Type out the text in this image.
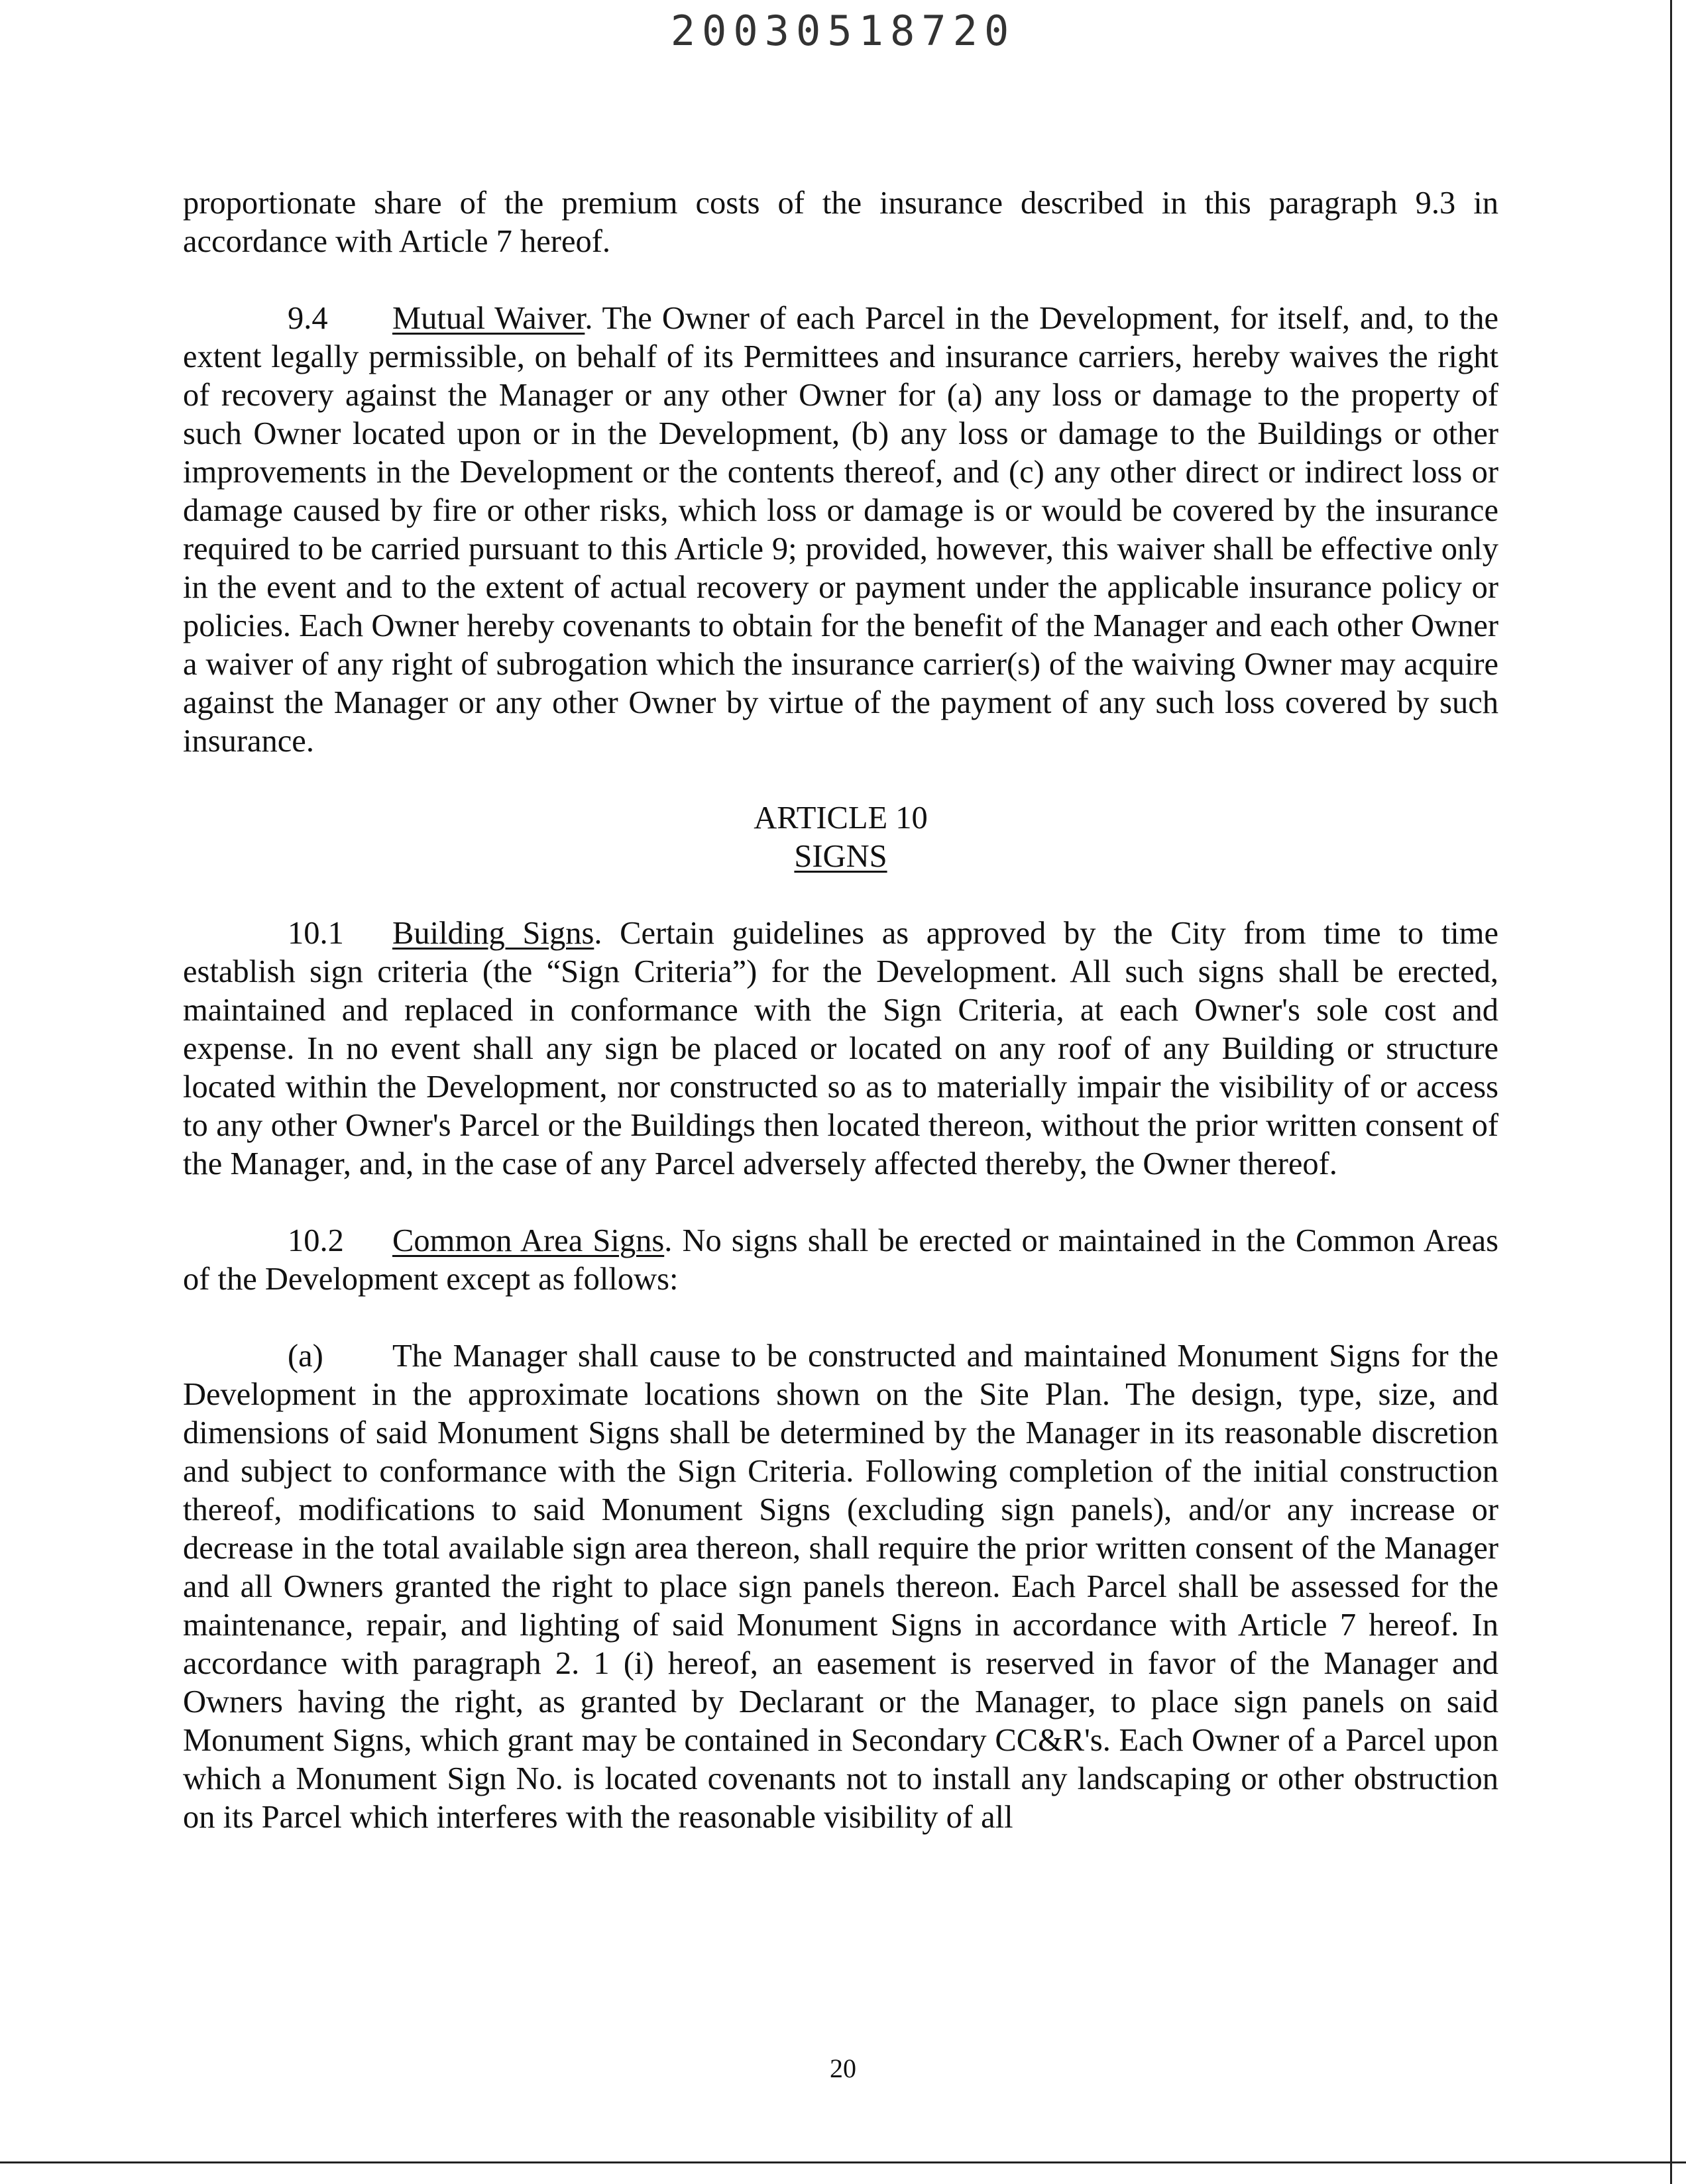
20030518720

proportionate share of the premium costs of the insurance described in this paragraph 9.3 in accordance with Article 7 hereof.

9.4 Mutual Waiver. The Owner of each Parcel in the Development, for itself, and, to the extent legally permissible, on behalf of its Permittees and insurance carriers, hereby waives the right of recovery against the Manager or any other Owner for (a) any loss or damage to the property of such Owner located upon or in the Development, (b) any loss or damage to the Buildings or other improvements in the Development or the contents thereof, and (c) any other direct or indirect loss or damage caused by fire or other risks, which loss or damage is or would be covered by the insurance required to be carried pursuant to this Article 9; provided, however, this waiver shall be effective only in the event and to the extent of actual recovery or payment under the applicable insurance policy or policies. Each Owner hereby covenants to obtain for the benefit of the Manager and each other Owner a waiver of any right of subrogation which the insurance carrier(s) of the waiving Owner may acquire against the Manager or any other Owner by virtue of the payment of any such loss covered by such insurance.

ARTICLE 10
SIGNS

10.1 Building Signs. Certain guidelines as approved by the City from time to time establish sign criteria (the “Sign Criteria”) for the Development. All such signs shall be erected, maintained and replaced in conformance with the Sign Criteria, at each Owner's sole cost and expense. In no event shall any sign be placed or located on any roof of any Building or structure located within the Development, nor constructed so as to materially impair the visibility of or access to any other Owner's Parcel or the Buildings then located thereon, without the prior written consent of the Manager, and, in the case of any Parcel adversely affected thereby, the Owner thereof.

10.2 Common Area Signs. No signs shall be erected or maintained in the Common Areas of the Development except as follows:

(a) The Manager shall cause to be constructed and maintained Monument Signs for the Development in the approximate locations shown on the Site Plan. The design, type, size, and dimensions of said Monument Signs shall be determined by the Manager in its reasonable discretion and subject to conformance with the Sign Criteria. Following completion of the initial construction thereof, modifications to said Monument Signs (excluding sign panels), and/or any increase or decrease in the total available sign area thereon, shall require the prior written consent of the Manager and all Owners granted the right to place sign panels thereon. Each Parcel shall be assessed for the maintenance, repair, and lighting of said Monument Signs in accordance with Article 7 hereof. In accordance with paragraph 2. 1 (i) hereof, an easement is reserved in favor of the Manager and Owners having the right, as granted by Declarant or the Manager, to place sign panels on said Monument Signs, which grant may be contained in Secondary CC&R's. Each Owner of a Parcel upon which a Monument Sign No. is located covenants not to install any landscaping or other obstruction on its Parcel which interferes with the reasonable visibility of all

20
